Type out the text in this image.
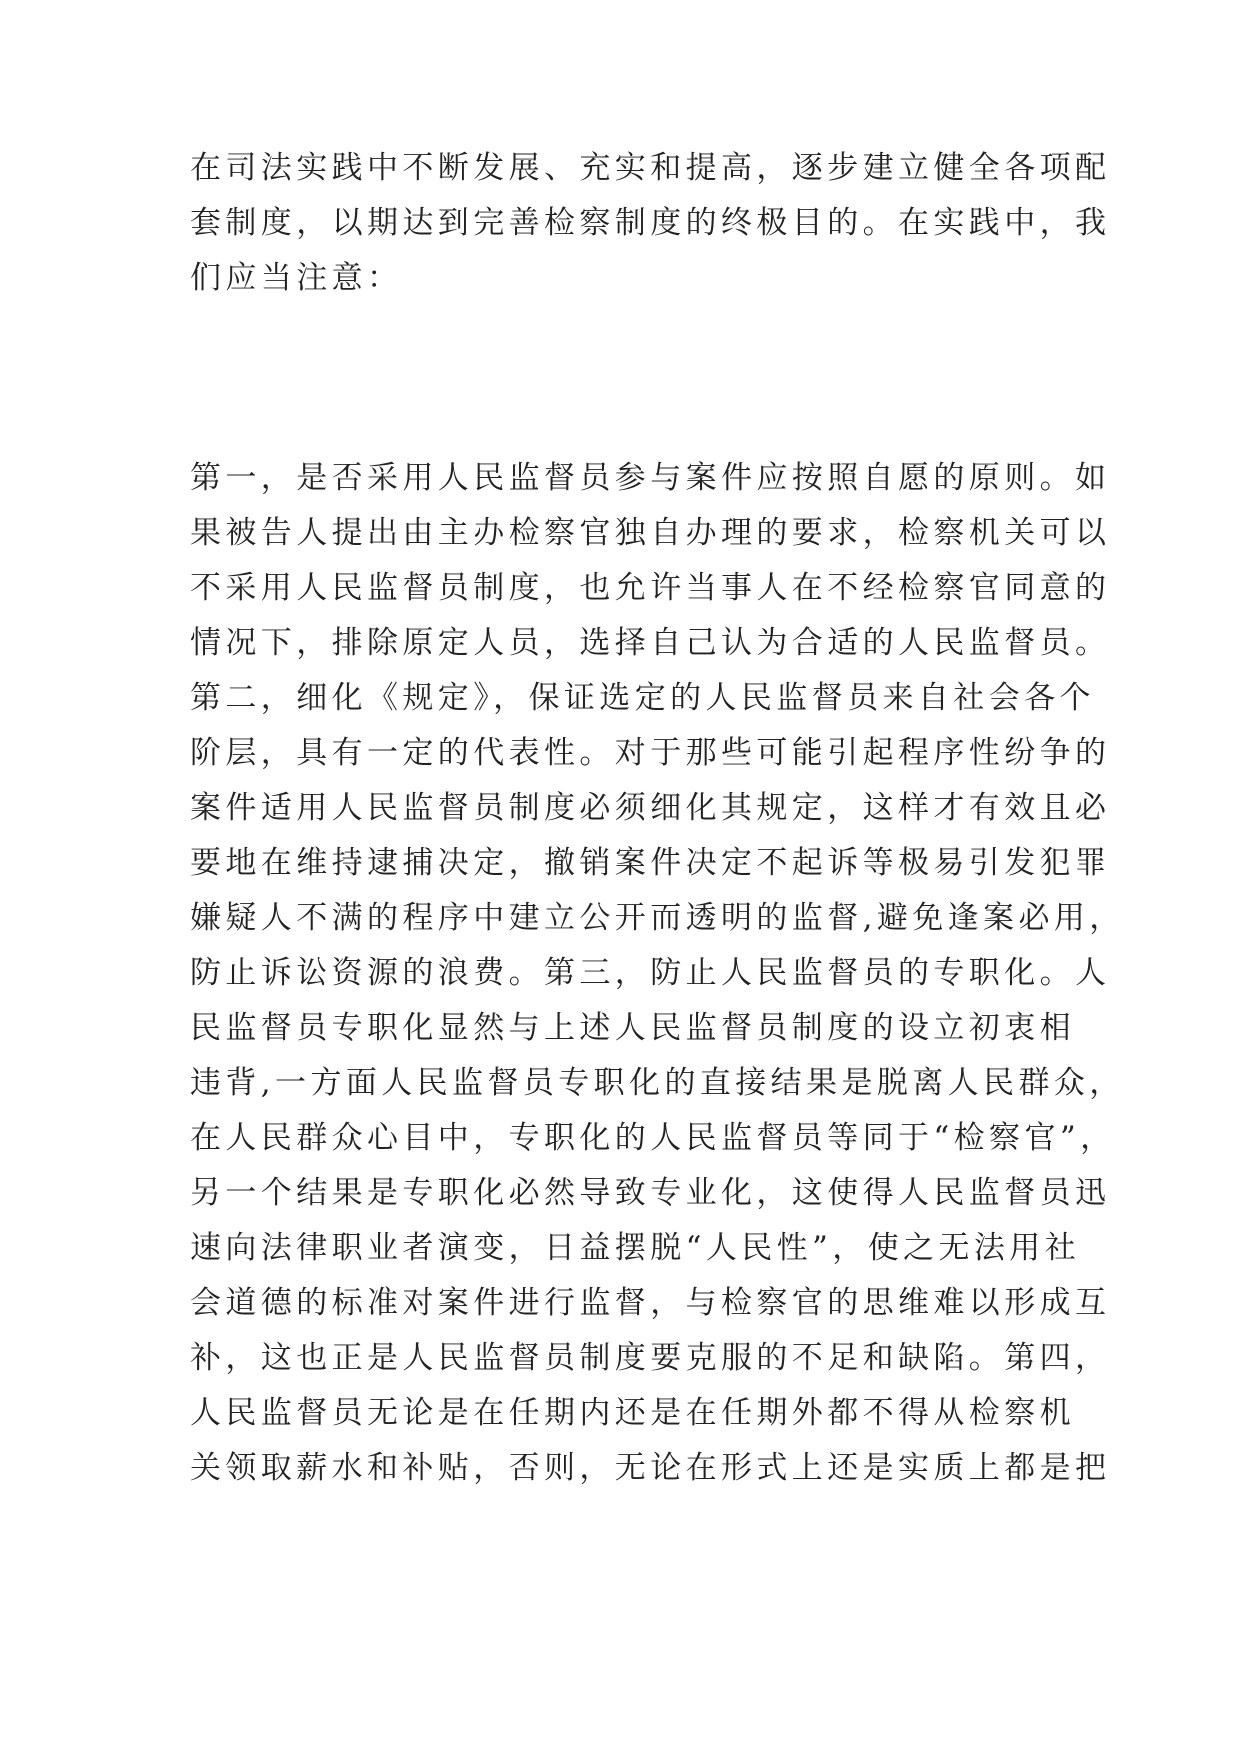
在司法实践中不断发展、充实和提高，逐步建立健全各项配
套制度，以期达到完善检察制度的终极目的。在实践中，我
们应当注意：
第一，是否采用人民监督员参与案件应按照自愿的原则。如
果被告人提出由主办检察官独自办理的要求，检察机关可以
不采用人民监督员制度，也允许当事人在不经检察官同意的
情况下，排除原定人员，选择自己认为合适的人民监督员。
第二，细化《规定》，保证选定的人民监督员来自社会各个
阶层，具有一定的代表性。对于那些可能引起程序性纷争的
案件适用人民监督员制度必须细化其规定，这样才有效且必
要地在维持逮捕决定，撤销案件决定不起诉等极易引发犯罪
嫌疑人不满的程序中建立公开而透明的监督,避免逢案必用，
防止诉讼资源的浪费。第三，防止人民监督员的专职化。人
民监督员专职化显然与上述人民监督员制度的设立初衷相
违背,一方面人民监督员专职化的直接结果是脱离人民群众，
在人民群众心目中，专职化的人民监督员等同于“检察官”，
另一个结果是专职化必然导致专业化，这使得人民监督员迅
速向法律职业者演变，日益摆脱“人民性”，使之无法用社
会道德的标准对案件进行监督，与检察官的思维难以形成互
补，这也正是人民监督员制度要克服的不足和缺陷。第四，
人民监督员无论是在任期内还是在任期外都不得从检察机
关领取薪水和补贴，否则，无论在形式上还是实质上都是把
